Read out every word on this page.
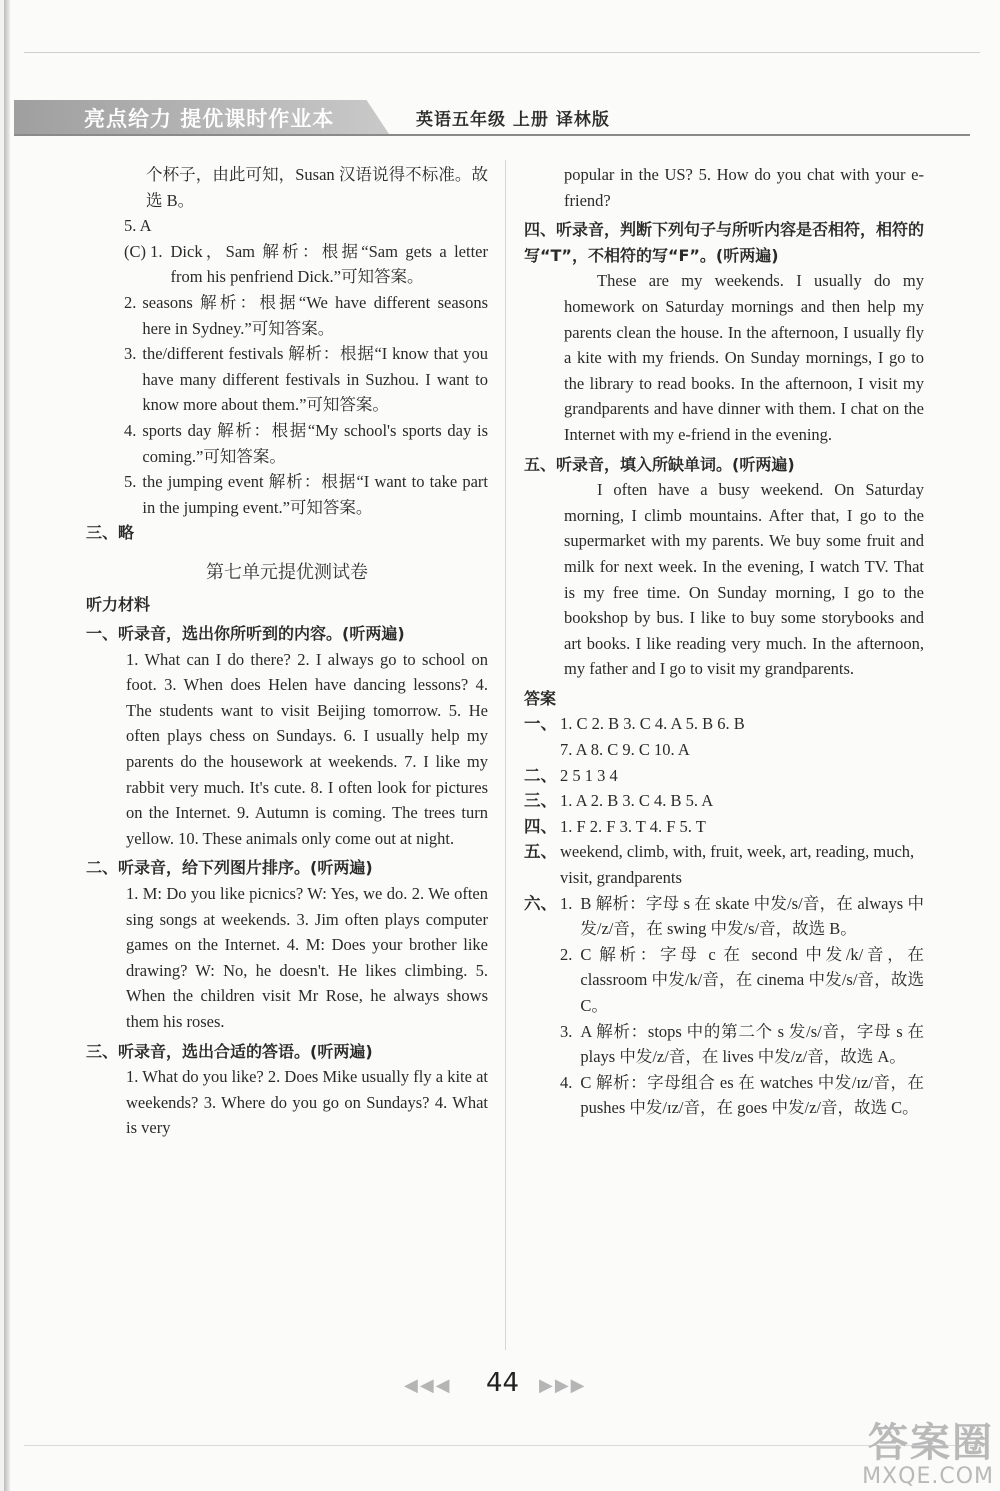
亮点给力 提优课时作业本	英语五年级 上册 译林版
个杯子，由此可知，Susan 汉语说得不标准。故选 B。
5. A
(C) 1. Dick，Sam 解析：根据“Sam gets a letter from his penfriend Dick.”可知答案。
2. seasons 解析：根据“We have different seasons here in Sydney.”可知答案。
3. the/different festivals 解析：根据“I know that you have many different festivals in Suzhou. I want to know more about them.”可知答案。
4. sports day 解析：根据“My school's sports day is coming.”可知答案。
5. the jumping event 解析：根据“I want to take part in the jumping event.”可知答案。
三、略
第七单元提优测试卷
听力材料
一、听录音，选出你所听到的内容。(听两遍)
1. What can I do there? 2. I always go to school on foot. 3. When does Helen have dancing lessons? 4. The students want to visit Beijing tomorrow. 5. He often plays chess on Sundays. 6. I usually help my parents do the housework at weekends. 7. I like my rabbit very much. It's cute. 8. I often look for pictures on the Internet. 9. Autumn is coming. The trees turn yellow. 10. These animals only come out at night.
二、听录音，给下列图片排序。(听两遍)
1. M: Do you like picnics? W: Yes, we do. 2. We often sing songs at weekends. 3. Jim often plays computer games on the Internet. 4. M: Does your brother like drawing? W: No, he doesn't. He likes climbing. 5. When the children visit Mr Rose, he always shows them his roses.
三、听录音，选出合适的答语。(听两遍)
1. What do you like? 2. Does Mike usually fly a kite at weekends? 3. Where do you go on Sundays? 4. What is very
popular in the US? 5. How do you chat with your e-friend?
四、听录音，判断下列句子与所听内容是否相符，相符的写“T”，不相符的写“F”。(听两遍)
These are my weekends. I usually do my homework on Saturday mornings and then help my parents clean the house. In the afternoon, I usually fly a kite with my friends. On Sunday mornings, I go to the library to read books. In the afternoon, I visit my grandparents and have dinner with them. I chat on the Internet with my e-friend in the evening.
五、听录音，填入所缺单词。(听两遍)
I often have a busy weekend. On Saturday morning, I climb mountains. After that, I go to the supermarket with my parents. We buy some fruit and milk for next week. In the evening, I watch TV. That is my free time. On Sunday morning, I go to the bookshop by bus. I like to buy some storybooks and art books. I like reading very much. In the afternoon, my father and I go to visit my grandparents.
答案
一、 1. C 2. B 3. C 4. A 5. B 6. B
7. A 8. C 9. C 10. A
二、 2 5 1 3 4
三、 1. A 2. B 3. C 4. B 5. A
四、 1. F 2. F 3. T 4. F 5. T
五、 weekend, climb, with, fruit, week, art, reading, much, visit, grandparents
六、 1. B 解析：字母 s 在 skate 中发/s/音，在 always 中发/z/音，在 swing 中发/s/音，故选 B。
2. C 解析：字母 c 在 second 中发/k/音，在 classroom 中发/k/音，在 cinema 中发/s/音，故选 C。
3. A 解析：stops 中的第二个 s 发/s/音，字母 s 在 plays 中发/z/音，在 lives 中发/z/音，故选 A。
4. C 解析：字母组合 es 在 watches 中发/ɪz/音，在 pushes 中发/ɪz/音，在 goes 中发/z/音，故选 C。
◀◀◀ 44 ▶▶▶
答案圈
MXQE.COM
